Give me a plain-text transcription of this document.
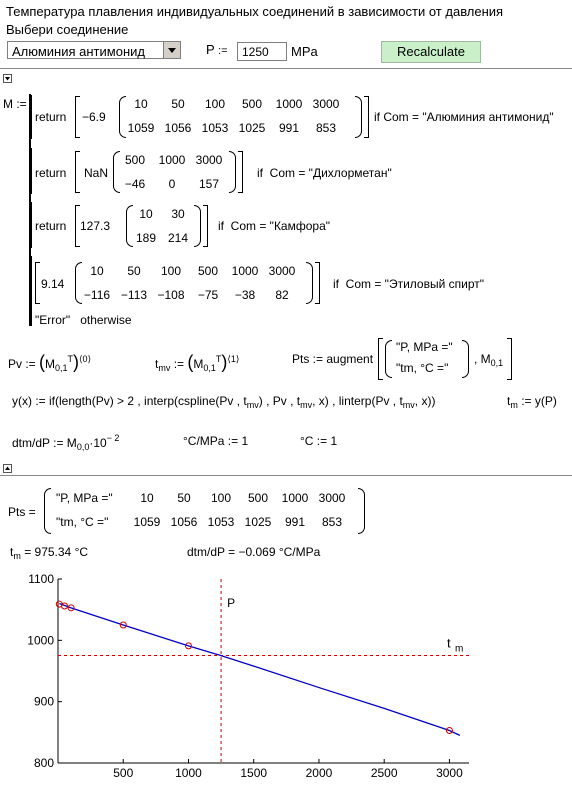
Температура плавления индивидуальных соединений в зависимости от давления
Выбери соединение
Алюминия антимонид	P := 1250 MPa	Recalculate
M :=
return −6.9
10	50	100	500	1000 3000
1059 1056 1053 1025	991	853
if Com = "Алюминия антимонид"
return NaN
500	1000 3000
−46	0	157
if Com = "Дихлорметан"
return 127.3
10	30
189 214
if Com = "Камфора"
9.14
10	50	100	500	1000 3000
−116 −113 −108	−75	−38	82
if Com = "Этиловый спирт"
"Error" otherwise
Pv := $(M_{0,1}^T)^{⟨0⟩}$	$t_{mv}$ := $(M_{0,1}^T)^{⟨1⟩}$	Pts := augment
"P, MPa ="
"tm, °C ="
, $M_{0,1}$
y(x) := if(length(Pv) > 2 , interp(cspline(Pv , $t_{mv}$) , Pv , $t_{mv}$, x) , linterp(Pv , $t_{mv}$, x))	$t_m$ := y(P)
dtm/dP := $M_{0,0}\cdot 10^{- 2}$	°C/MPa := 1	°C := 1
Pts =
"P, MPa ="
"tm, °C ="
10	50	100	500	1000 3000
1059 1056 1053 1025	991	853
$t_m = 975.34$ °C	dtm/dP = −0.069 °C/MPa
500	1000	1500	2000	2500	3000
800
900
1000
1100
P
t m
